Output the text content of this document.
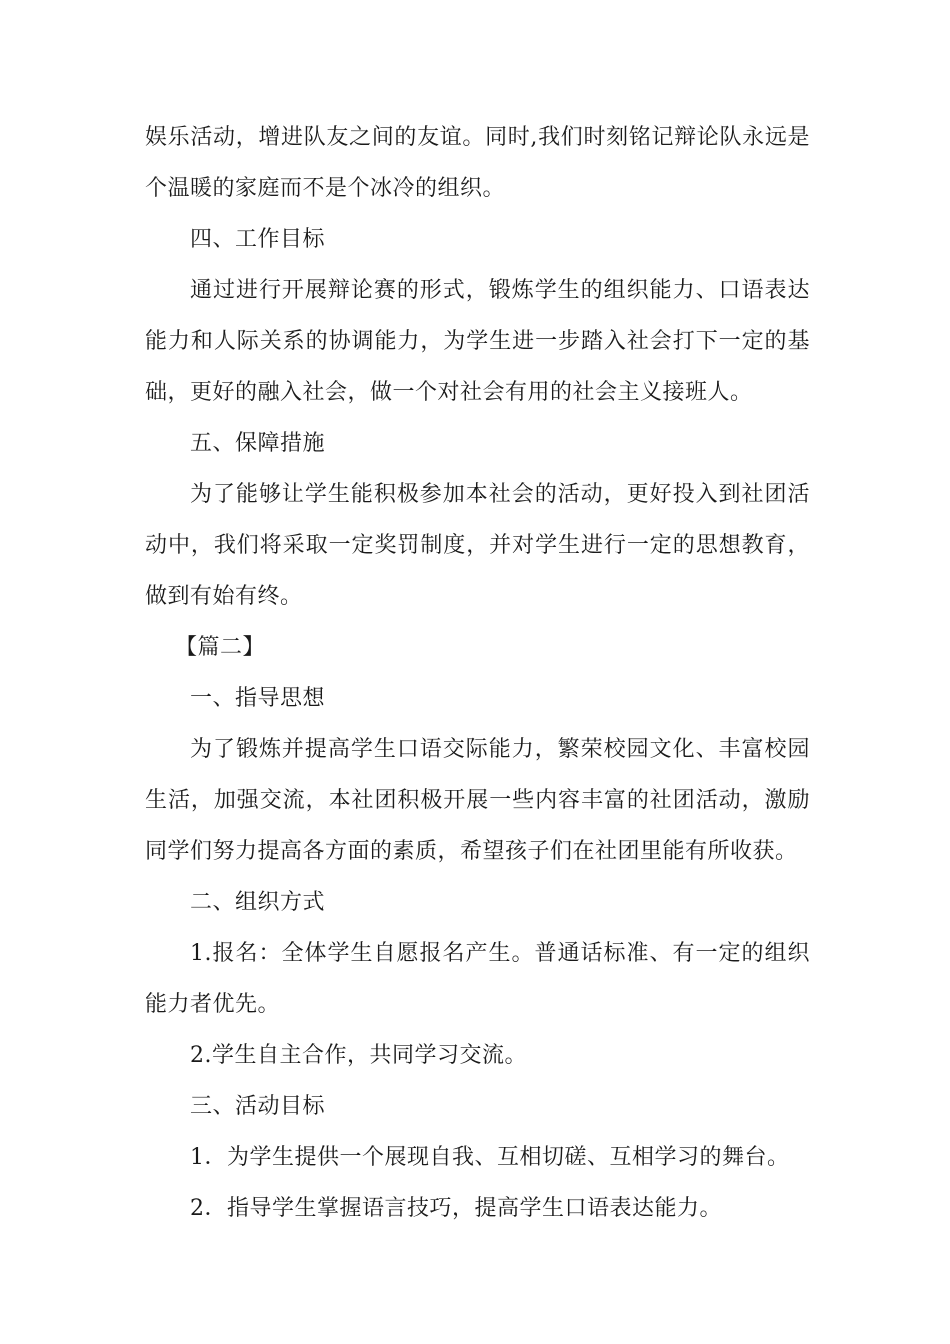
娱乐活动，增进队友之间的友谊。同时,我们时刻铭记辩论队永远是个温暖的家庭而不是个冰冷的组织。

四、工作目标

通过进行开展辩论赛的形式，锻炼学生的组织能力、口语表达能力和人际关系的协调能力，为学生进一步踏入社会打下一定的基础，更好的融入社会，做一个对社会有用的社会主义接班人。

五、保障措施

为了能够让学生能积极参加本社会的活动，更好投入到社团活动中，我们将采取一定奖罚制度，并对学生进行一定的思想教育，做到有始有终。

【篇二】

一、指导思想

为了锻炼并提高学生口语交际能力，繁荣校园文化、丰富校园生活，加强交流，本社团积极开展一些内容丰富的社团活动，激励同学们努力提高各方面的素质，希望孩子们在社团里能有所收获。

二、组织方式

1.报名：全体学生自愿报名产生。普通话标准、有一定的组织能力者优先。

2.学生自主合作，共同学习交流。

三、活动目标

1．为学生提供一个展现自我、互相切磋、互相学习的舞台。

2．指导学生掌握语言技巧，提高学生口语表达能力。
